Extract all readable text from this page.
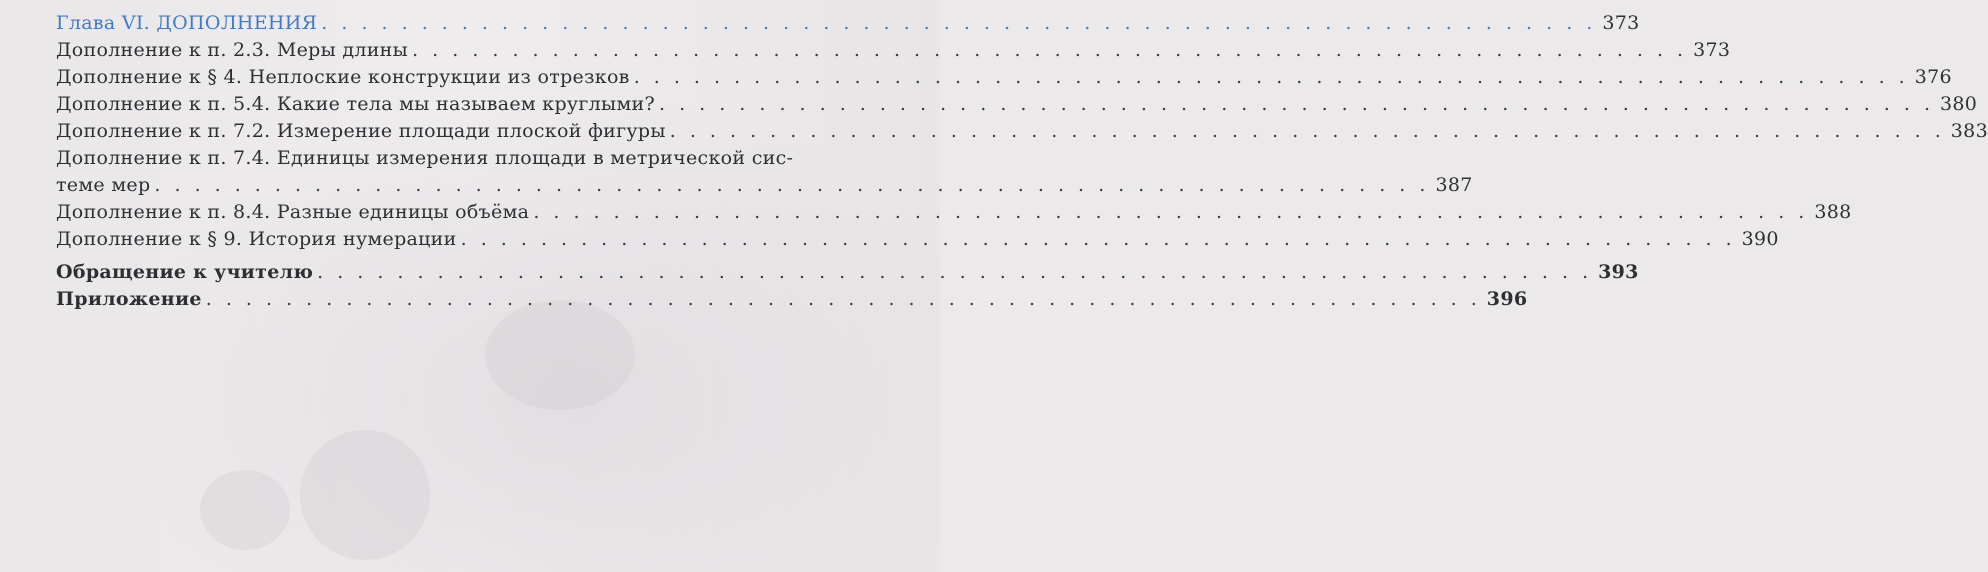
Глава VI. ДОПОЛНЕНИЯ . . . . . . . . . . . . . . . . . . . . . . . . . . . . . . . . . . . . . . . . . . . . . . . . . . . . . . . . . . . . . . . . 373
Дополнение к п. 2.3. Меры длины . . . . . . . . . . . . . . . . . . . . . . . . . . . . . . . . . . . . . . . . . . . . . . . . . . . . . . . . . . . . . . . . 373
Дополнение к § 4. Неплоские конструкции из отрезков . . . . . . . . . . . . . . . . . . . . . . . . . . . . . . . . . . . . . . . . . . . . . . . . . . . . . . . . . . . . . . . . 376
Дополнение к п. 5.4. Какие тела мы называем круглыми? . . . . . . . . . . . . . . . . . . . . . . . . . . . . . . . . . . . . . . . . . . . . . . . . . . . . . . . . . . . . . . . . 380
Дополнение к п. 7.2. Измерение площади плоской фигуры . . . . . . . . . . . . . . . . . . . . . . . . . . . . . . . . . . . . . . . . . . . . . . . . . . . . . . . . . . . . . . . . 383
Дополнение к п. 7.4. Единицы измерения площади в метрической сис-
теме мер . . . . . . . . . . . . . . . . . . . . . . . . . . . . . . . . . . . . . . . . . . . . . . . . . . . . . . . . . . . . . . . . 387
Дополнение к п. 8.4. Разные единицы объёма . . . . . . . . . . . . . . . . . . . . . . . . . . . . . . . . . . . . . . . . . . . . . . . . . . . . . . . . . . . . . . . . 388
Дополнение к § 9. История нумерации . . . . . . . . . . . . . . . . . . . . . . . . . . . . . . . . . . . . . . . . . . . . . . . . . . . . . . . . . . . . . . . . 390
Обращение к учителю . . . . . . . . . . . . . . . . . . . . . . . . . . . . . . . . . . . . . . . . . . . . . . . . . . . . . . . . . . . . . . . . 393
Приложение . . . . . . . . . . . . . . . . . . . . . . . . . . . . . . . . . . . . . . . . . . . . . . . . . . . . . . . . . . . . . . . . 396
